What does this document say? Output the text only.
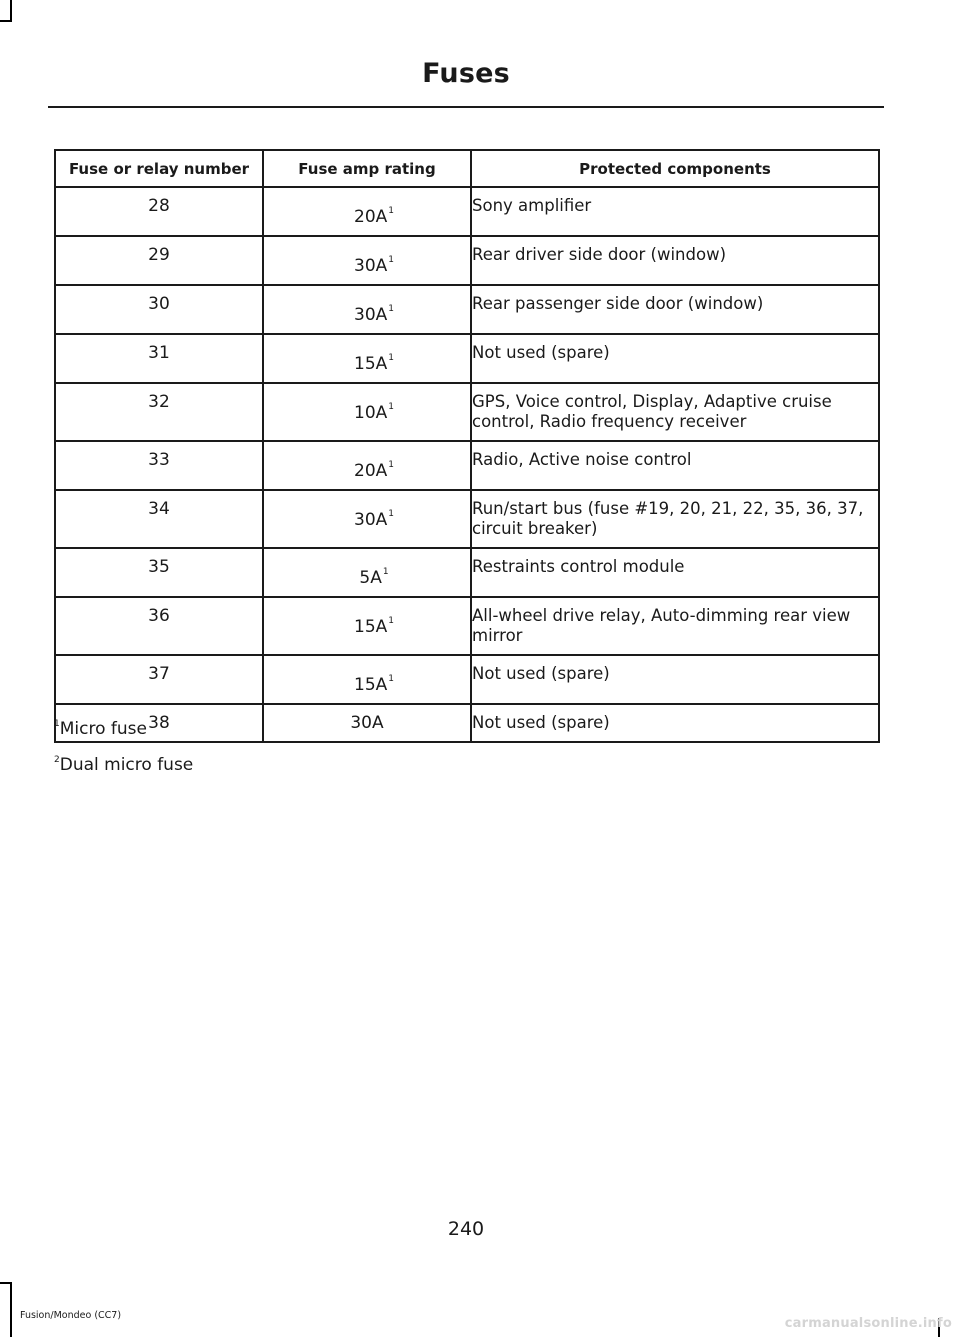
Fuses
Fuse or relay number	Fuse amp rating	Protected components
28	$20A^1$	Sony amplifier
29	$30A^1$	Rear driver side door (window)
30	$30A^1$	Rear passenger side door (window)
31	$15A^1$	Not used (spare)
32	$10A^1$	GPS, Voice control, Display, Adaptive cruise control, Radio frequency receiver
33	$20A^1$	Radio, Active noise control
34	$30A^1$	Run/start bus (fuse #19, 20, 21, 22, 35, 36, 37, circuit breaker)
35	$5A^1$	Restraints control module
36	$15A^1$	All-wheel drive relay, Auto-dimming rear view mirror
37	$15A^1$	Not used (spare)
38	30A	Not used (spare)
$^1$Micro fuse
$^2$Dual micro fuse
240
Fusion/Mondeo (CC7)
carmanualsonline.info
